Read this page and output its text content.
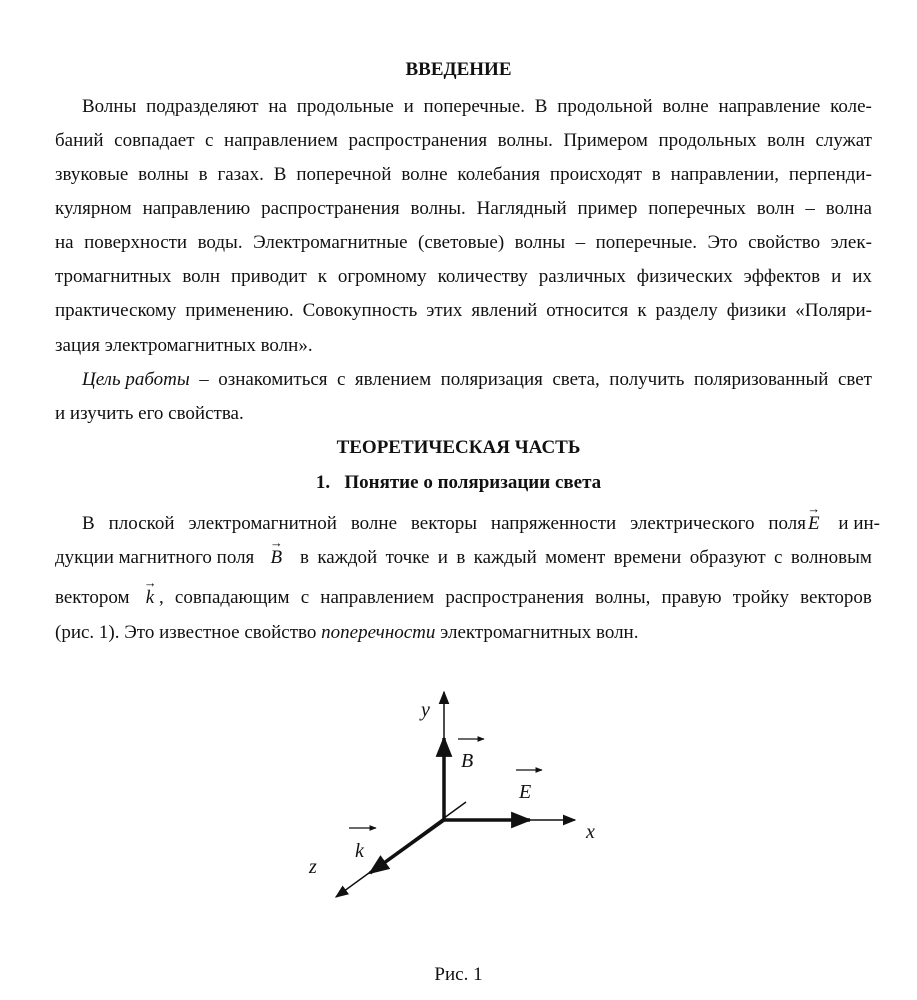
ВВЕДЕНИЕ
Волны подразделяют на продольные и поперечные. В продольной волне направление коле-
баний совпадает с направлением распространения волны. Примером продольных волн служат
звуковые волны в газах. В поперечной волне колебания происходят в направлении, перпенди-
кулярном направлению распространения волны. Наглядный пример поперечных волн – волна
на поверхности воды. Электромагнитные (световые) волны – поперечные. Это свойство элек-
тромагнитных волн приводит к огромному количеству различных физических эффектов и их
практическому применению. Совокупность этих явлений относится к разделу физики «Поляри-
зация электромагнитных волн».
Цель работы – ознакомиться с явлением поляризация света, получить поляризованный свет
и изучить его свойства.
ТЕОРЕТИЧЕСКАЯ ЧАСТЬ
1. Понятие о поляризации света
В плоской электромагнитной волне векторы напряженности электрического поля
→
E и ин-
дукции магнитного поля
→
B в каждой точке и в каждый момент времени образуют с волновым
вектором
→
k , совпадающим с направлением распространения волны, правую тройку векторов
(рис. 1). Это известное свойство поперечности электромагнитных волн.
y
x
z
B
E
k
Рис. 1
